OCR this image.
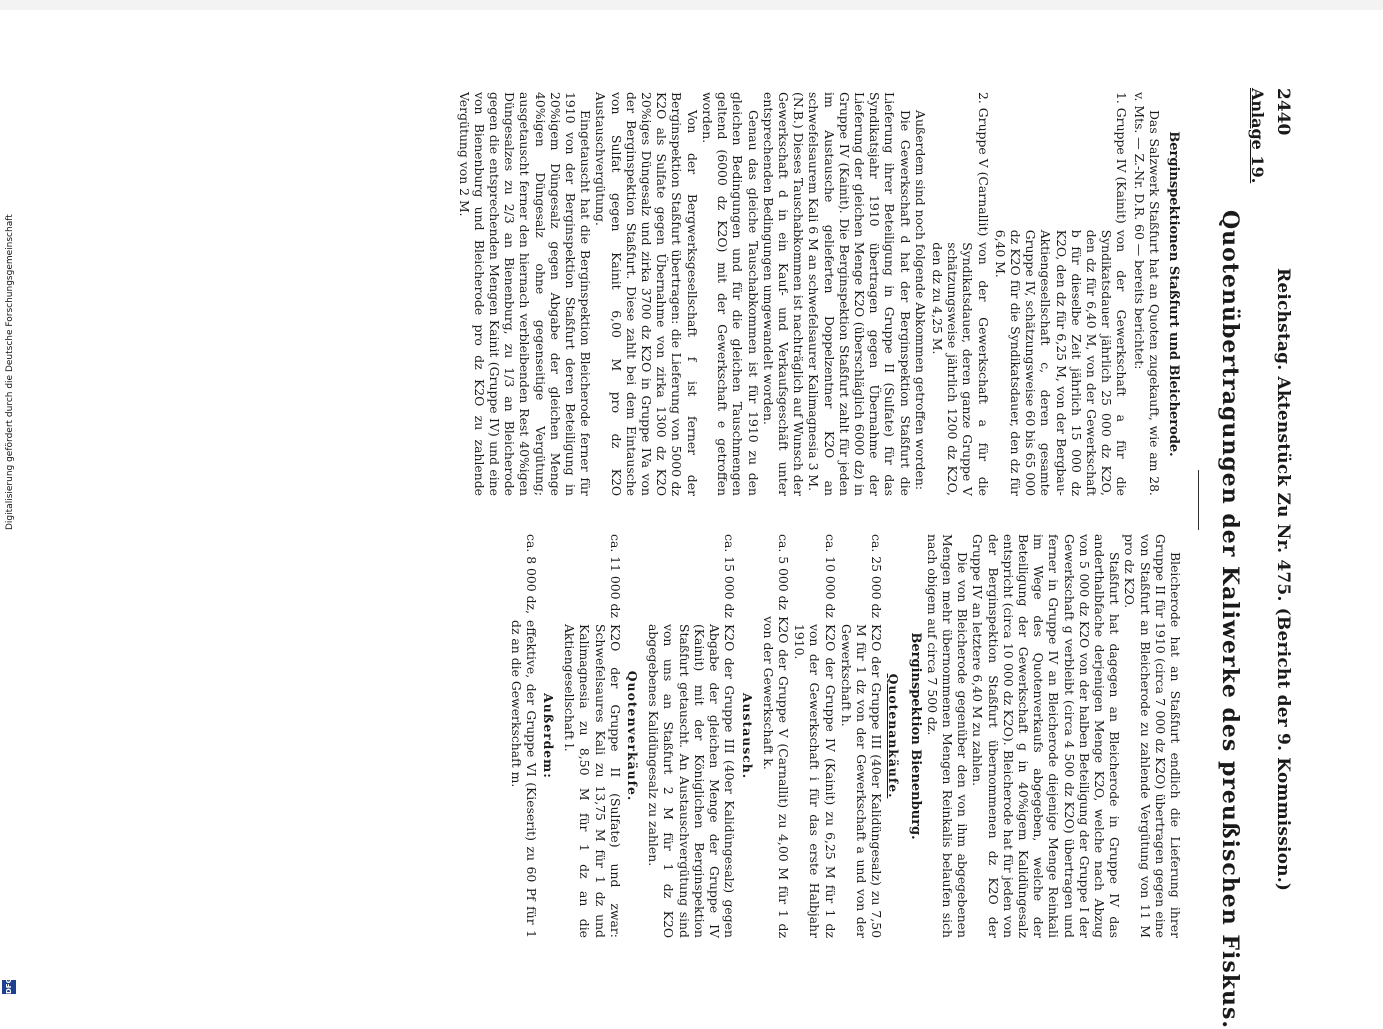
2440
Reichstag. Aktenstück Zu Nr. 475. (Bericht der 9. Kommission.)
Anlage 19.
Quotenübertragungen der Kaliwerke des preußischen Fiskus.
Berginspektionen Staßfurt und Bleicherode.

Das Salzwerk Staßfurt hat an Quoten zugekauft, wie am 28. v. Mts. — Z.-Nr. D.R. 60 — bereits berichtet:

1. Gruppe IV (Kainit)
von der Gewerkschaft a für die Syndikatsdauer jährlich 25 000 dz K2O, den dz für 6,40 M, von der Gewerkschaft b für dieselbe Zeit jährlich 15 000 dz K2O, den dz für 6,25 M, von der Bergbau-Aktiengesellschaft c, deren gesamte Gruppe IV, schätzungsweise 60 bis 65 000 dz K2O für die Syndikatsdauer, den dz für 6,40 M.
2. Gruppe V (Carnallit)
von der Gewerkschaft a für die Syndikatsdauer, deren ganze Gruppe V schätzungsweise jährlich 1200 dz K2O, den dz zu 4,25 M.

Außerdem sind noch folgende Abkommen getroffen worden:

Die Gewerkschaft d hat der Berginspektion Staßfurt die Lieferung ihrer Beteiligung in Gruppe II (Sulfate) für das Syndikatsjahr 1910 übertragen gegen Übernahme der Lieferung der gleichen Menge K2O (überschläglich 6000 dz) in Gruppe IV (Kainit). Die Berginspektion Staßfurt zahlt für jeden im Austausche gelieferten Doppelzentner K2O an schwefelsaurem Kali 6 M an schwefelsaurer Kalimagnesia 3 M.

(N.B.) Dieses Tauschabkommen ist nachträglich auf Wunsch der Gewerkschaft d in ein Kauf- und Verkaufsgeschäft unter entsprechenden Bedingungen umgewandelt worden.

Genau das gleiche Tauschabkommen ist für 1910 zu den gleichen Bedingungen und für die gleichen Tauschmengen geltend (6000 dz K2O) mit der Gewerkschaft e getroffen worden.

Von der Bergwerksgesellschaft f ist ferner der Berginspektion Staßfurt übertragen: die Lieferung von 5000 dz K2O als Sulfate gegen Übernahme von zirka 1300 dz K2O 20%iges Düngesalz und zirka 3700 dz K2O in Gruppe IVa von der Berginspektion Staßfurt. Diese zahlt bei dem Eintausche von Sulfat gegen Kainit 6,00 M pro dz K2O Austauschvergütung.

Eingetauscht hat die Berginspektion Bleicherode ferner für 1910 von der Berginspektion Staßfurt deren Beteiligung in 20%igem Düngesalz gegen Abgabe der gleichen Menge 40%igen Düngesalz ohne gegenseitige Vergütung; ausgetauscht ferner den hiernach verbleibenden Rest 40%igen Düngesalzes zu 2/3 an Bienenburg, zu 1/3 an Bleicherode gegen die entsprechenden Mengen Kainit (Gruppe IV) und eine von Bienenburg und Bleicherode pro dz K2O zu zahlende Vergütung von 2 M.

Bleicherode hat an Staßfurt endlich die Lieferung ihrer Gruppe II für 1910 (circa 7 000 dz K2O) übertragen gegen eine von Staßfurt an Bleicherode zu zahlende Vergütung von 11 M pro dz K2O.

Staßfurt hat dagegen an Bleicherode in Gruppe IV das anderthalbfache derjenigen Menge K2O, welche nach Abzug von 5 000 dz K2O von der halben Beteiligung der Gruppe I der Gewerkschaft g verbleibt (circa 4 500 dz K2O) übertragen und ferner in Gruppe IV an Bleicherode diejenige Menge Reinkali im Wege des Quotenverkaufs abgegeben, welche der Beteiligung der Gewerkschaft g in 40%igem Kalidüngesalz entspricht (circa 10 000 dz K2O). Bleicherode hat für jeden von der Berginspektion Staßfurt übernommenen dz K2O der Gruppe IV an letztere 6,40 M zu zahlen.

Die von Bleicherode gegenüber den von ihm abgegebenen Mengen mehr übernommenen Mengen Reinkalis belaufen sich nach obigem auf circa 7 500 dz.

Berginspektion Bienenburg.
Quotenankäufe.
ca. 25 000 dz
K2O der Gruppe III (40er Kalidüngesalz) zu 7,50 M für 1 dz von der Gewerkschaft a und von der Gewerkschaft h.
ca. 10 000 dz
K2O der Gruppe IV (Kainit) zu 6,25 M für 1 dz von der Gewerkschaft i für das erste Halbjahr 1910.
ca. 5 000 dz
K2O der Gruppe V (Carnallit) zu 4,00 M für 1 dz von der Gewerkschaft k.
Austausch.
ca. 15 000 dz
K2O der Gruppe III (40er Kalidüngesalz) gegen Abgabe der gleichen Menge der Gruppe IV (Kainit) mit der Königlichen Berginspektion Staßfurt getauscht. An Austauschvergütung sind von uns an Staßfurt 2 M für 1 dz K2O abgegebenes Kalidüngesalz zu zahlen.
Quotenverkäufe.
ca. 11 000 dz
K2O der Gruppe II (Sulfate) und zwar: Schwefelsaures Kali zu 13,75 M für 1 dz und Kalimagnesia zu 8,50 M für 1 dz an die Aktiengesellschaft l.
Außerdem:
ca. 8 000 dz,
effektive, der Gruppe VI (Kieserit) zu 60 Pf für 1 dz an die Gewerkschaft m.
Digitalisierung gefördert durch die Deutsche Forschungsgemeinschaft
DFG
